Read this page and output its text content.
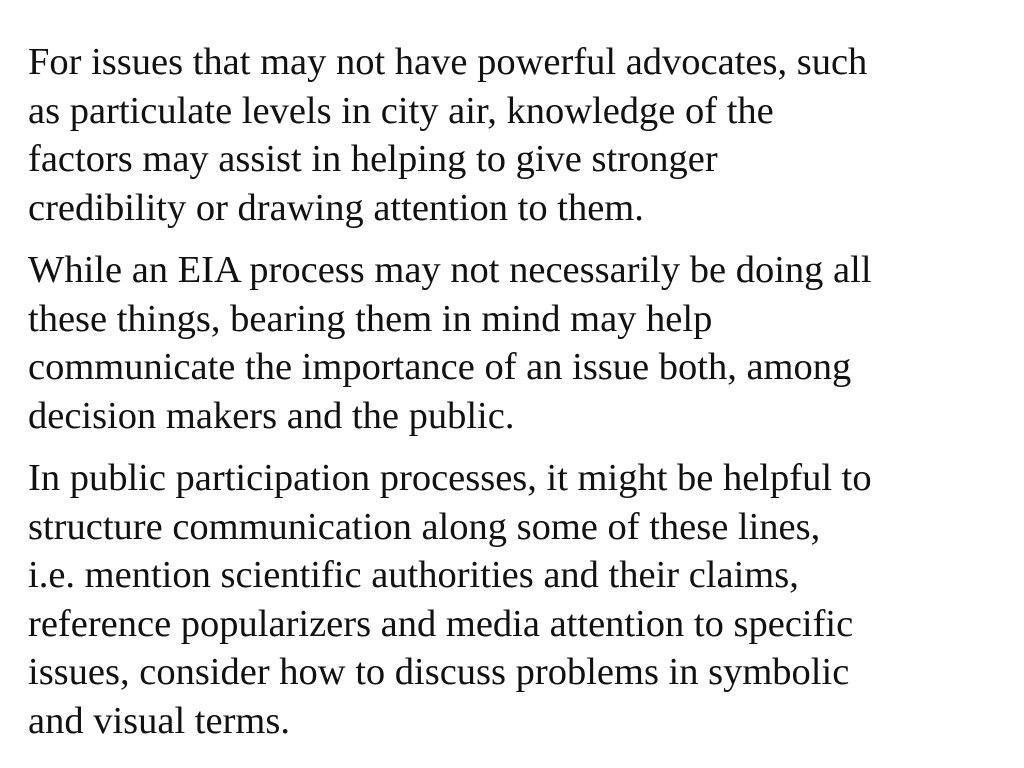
For issues that may not have powerful advocates, such
as particulate levels in city air, knowledge of the
factors may assist in helping to give stronger
credibility or drawing attention to them.

While an EIA process may not necessarily be doing all
these things, bearing them in mind may help
communicate the importance of an issue both, among
decision makers and the public.

In public participation processes, it might be helpful to
structure communication along some of these lines,
i.e. mention scientific authorities and their claims,
reference popularizers and media attention to specific
issues, consider how to discuss problems in symbolic
and visual terms.
